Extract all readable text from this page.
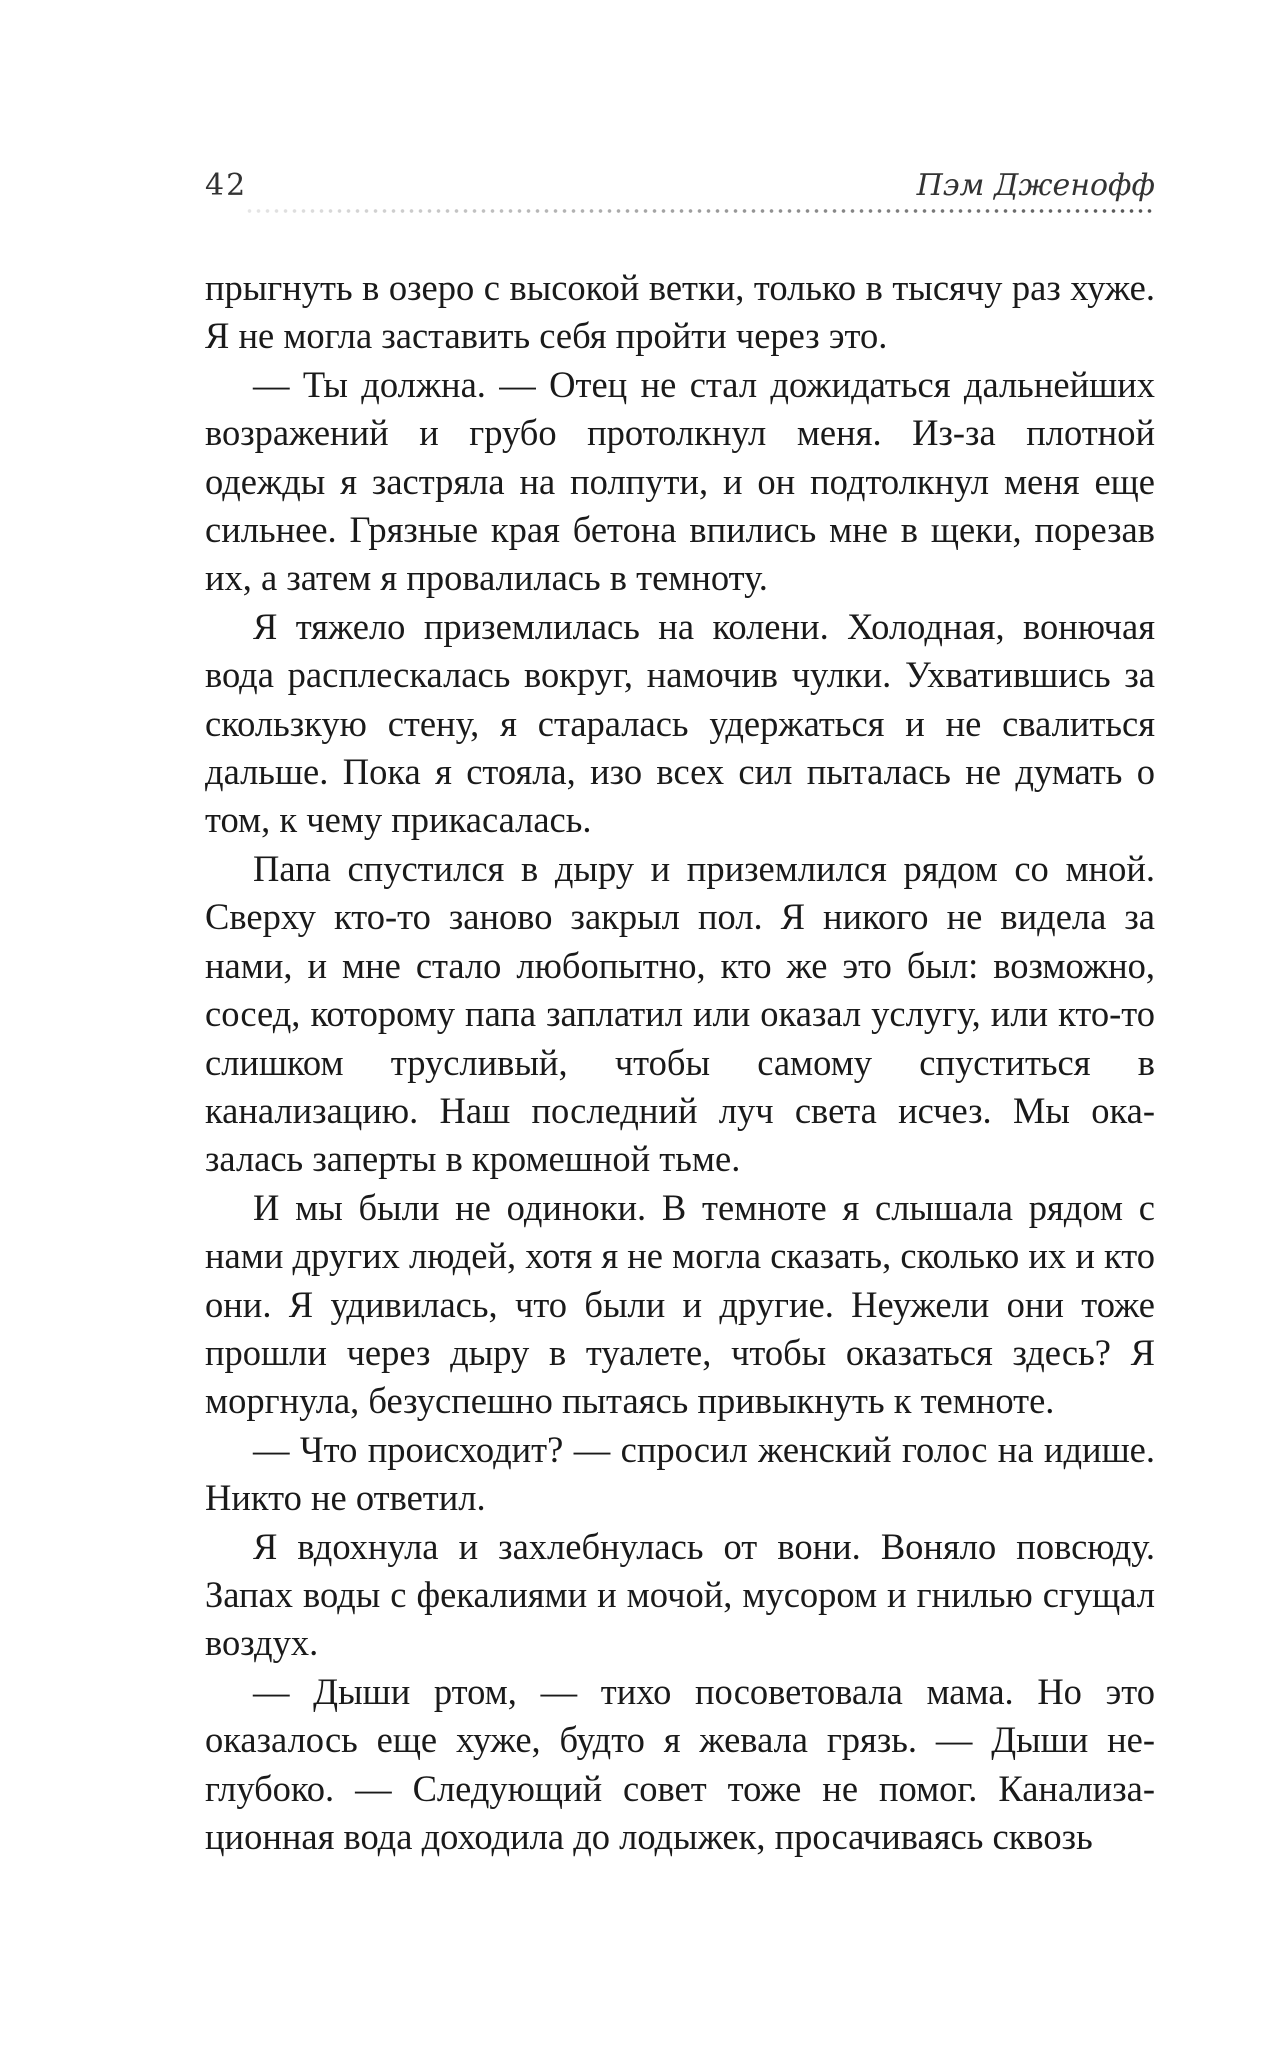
42	Пэм Дженофф

прыгнуть в озеро с высокой ветки, только в тысячу раз хуже. Я не могла заставить себя пройти через это.

— Ты должна. — Отец не стал дожидаться дальнейших возражений и грубо протолкнул меня. Из-за плотной одежды я застряла на полпути, и он подтолкнул меня еще сильнее. Грязные края бетона впились мне в щеки, порезав их, а затем я провалилась в темноту.

Я тяжело приземлилась на колени. Холодная, вонючая вода расплескалась вокруг, намочив чулки. Ухватившись за скользкую стену, я старалась удержаться и не свалиться дальше. Пока я стояла, изо всех сил пыталась не думать о том, к чему прикасалась.

Папа спустился в дыру и приземлился рядом со мной. Сверху кто-то заново закрыл пол. Я никого не видела за нами, и мне стало любопытно, кто же это был: возможно, сосед, которому папа заплатил или оказал услугу, или кто-то слишком трусливый, чтобы самому спуститься в канализацию. Наш последний луч света исчез. Мы оказалась заперты в кромешной тьме.

И мы были не одиноки. В темноте я слышала рядом с нами других людей, хотя я не могла сказать, сколько их и кто они. Я удивилась, что были и другие. Неужели они тоже прошли через дыру в туалете, чтобы оказаться здесь? Я моргнула, безуспешно пытаясь привыкнуть к темноте.

— Что происходит? — спросил женский голос на идише. Никто не ответил.

Я вдохнула и захлебнулась от вони. Воняло повсюду. Запах воды с фекалиями и мочой, мусором и гнилью сгущал воздух.

— Дыши ртом, — тихо посоветовала мама. Но это оказалось еще хуже, будто я жевала грязь. — Дыши неглубоко. — Следующий совет тоже не помог. Канализационная вода доходила до лодыжек, просачиваясь сквозь
